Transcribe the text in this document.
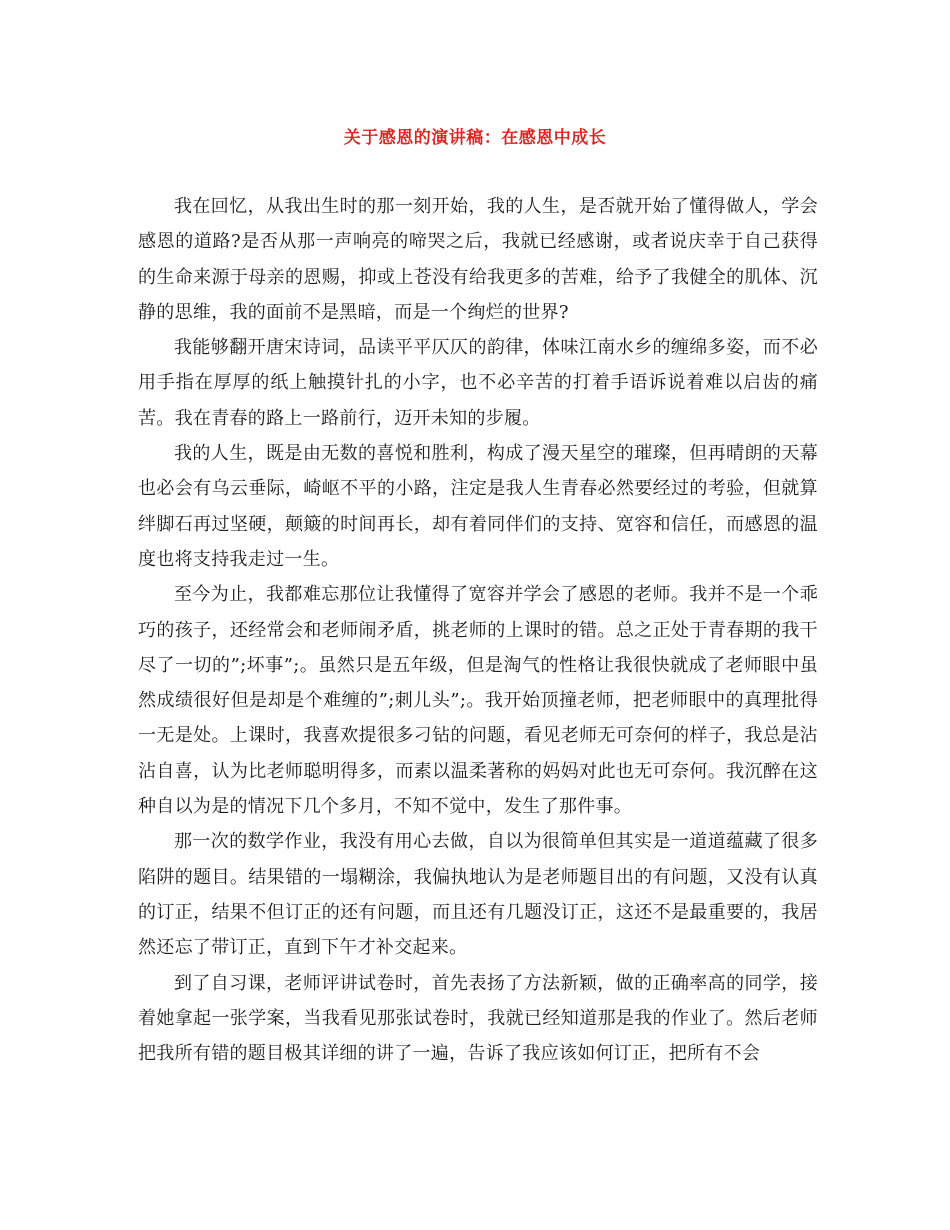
关于感恩的演讲稿：在感恩中成长

我在回忆，从我出生时的那一刻开始，我的人生，是否就开始了懂得做人，学会感恩的道路?是否从那一声响亮的啼哭之后，我就已经感谢，或者说庆幸于自己获得的生命来源于母亲的恩赐，抑或上苍没有给我更多的苦难，给予了我健全的肌体、沉静的思维，我的面前不是黑暗，而是一个绚烂的世界?

我能够翻开唐宋诗词，品读平平仄仄的韵律，体味江南水乡的缠绵多姿，而不必用手指在厚厚的纸上触摸针扎的小字，也不必辛苦的打着手语诉说着难以启齿的痛苦。我在青春的路上一路前行，迈开未知的步履。

我的人生，既是由无数的喜悦和胜利，构成了漫天星空的璀璨，但再晴朗的天幕也必会有乌云垂际，崎岖不平的小路，注定是我人生青春必然要经过的考验，但就算绊脚石再过坚硬，颠簸的时间再长，却有着同伴们的支持、宽容和信任，而感恩的温度也将支持我走过一生。

至今为止，我都难忘那位让我懂得了宽容并学会了感恩的老师。我并不是一个乖巧的孩子，还经常会和老师闹矛盾，挑老师的上课时的错。总之正处于青春期的我干尽了一切的”;坏事”;。虽然只是五年级，但是淘气的性格让我很快就成了老师眼中虽然成绩很好但是却是个难缠的”;刺儿头”;。我开始顶撞老师，把老师眼中的真理批得一无是处。上课时，我喜欢提很多刁钻的问题，看见老师无可奈何的样子，我总是沾沾自喜，认为比老师聪明得多，而素以温柔著称的妈妈对此也无可奈何。我沉醉在这种自以为是的情况下几个多月，不知不觉中，发生了那件事。

那一次的数学作业，我没有用心去做，自以为很简单但其实是一道道蕴藏了很多陷阱的题目。结果错的一塌糊涂，我偏执地认为是老师题目出的有问题，又没有认真的订正，结果不但订正的还有问题，而且还有几题没订正，这还不是最重要的，我居然还忘了带订正，直到下午才补交起来。

到了自习课，老师评讲试卷时，首先表扬了方法新颖，做的正确率高的同学，接着她拿起一张学案，当我看见那张试卷时，我就已经知道那是我的作业了。然后老师把我所有错的题目极其详细的讲了一遍，告诉了我应该如何订正，把所有不会
